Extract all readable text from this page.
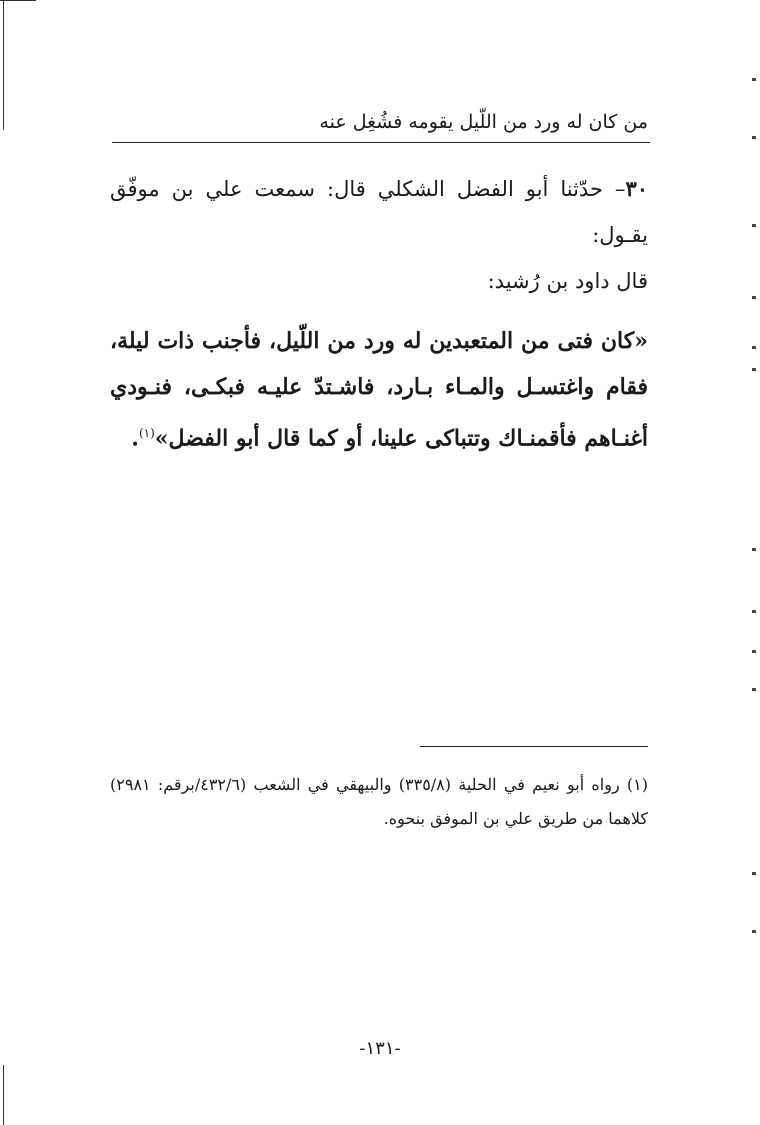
من كان له ورد من اللّيل يقومه فشُغِل عنه

٣٠– حدّثنا أبو الفضل الشكلي قال: سمعت علي بن موفّق يقـول:
قال داود بن رُشيد:

«كان فتى من المتعبدين له ورد من اللّيل، فأجنب ذات ليلة، فقام واغتسـل والمـاء بـارد، فاشـتدّ عليـه فبكـى، فنـودي أغنـاهم فأقمنـاك وتتباكى علينا، أو كما قال أبو الفضل»$^{(١)}$.

(١) رواه أبو نعيم في الحلية (٣٣٥/٨) والبيهقي في الشعب (٤٣٢/٦/برقم: ٢٩٨١) كلاهما من طريق علي بن الموفق بنحوه.
-١٣١-
